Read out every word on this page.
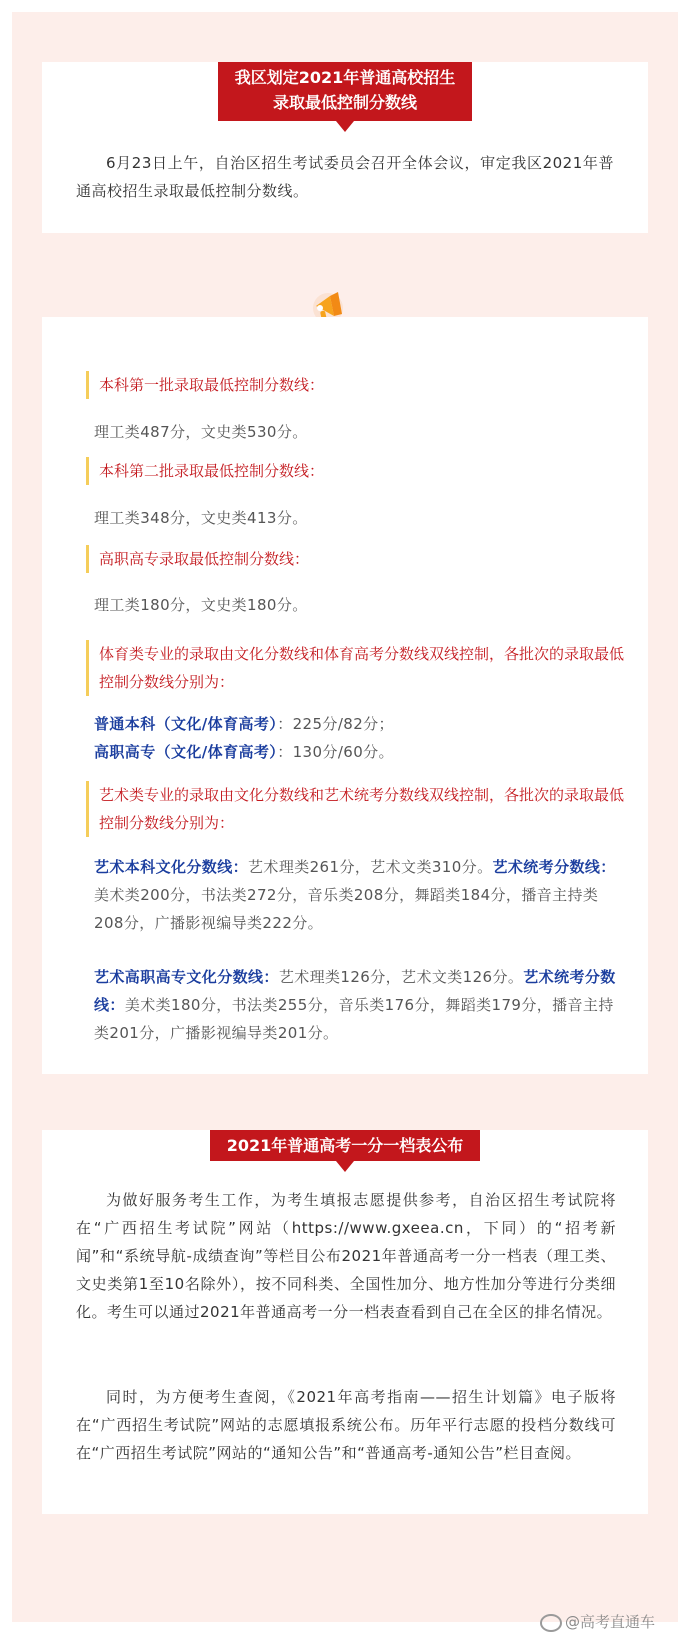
我区划定2021年普通高校招生
录取最低控制分数线
6月23日上午，自治区招生考试委员会召开全体会议，审定我区2021年普通高校招生录取最低控制分数线。
本科第一批录取最低控制分数线：
理工类487分，文史类530分。
本科第二批录取最低控制分数线：
理工类348分，文史类413分。
高职高专录取最低控制分数线：
理工类180分，文史类180分。
体育类专业的录取由文化分数线和体育高考分数线双线控制，各批次的录取最低控制分数线分别为：
普通本科（文化/体育高考）：225分/82分；
高职高专（文化/体育高考）：130分/60分。
艺术类专业的录取由文化分数线和艺术统考分数线双线控制，各批次的录取最低控制分数线分别为：
艺术本科文化分数线：艺术理类261分，艺术文类310分。艺术统考分数线：美术类200分，书法类272分，音乐类208分，舞蹈类184分，播音主持类208分，广播影视编导类222分。
艺术高职高专文化分数线：艺术理类126分，艺术文类126分。艺术统考分数线：美术类180分，书法类255分，音乐类176分，舞蹈类179分，播音主持类201分，广播影视编导类201分。
2021年普通高考一分一档表公布
为做好服务考生工作，为考生填报志愿提供参考，自治区招生考试院将在“广西招生考试院”网站（https://www.gxeea.cn，下同）的“招考新闻”和“系统导航-成绩查询”等栏目公布2021年普通高考一分一档表（理工类、文史类第1至10名除外），按不同科类、全国性加分、地方性加分等进行分类细化。考生可以通过2021年普通高考一分一档表查看到自己在全区的排名情况。
同时，为方便考生查阅，《2021年高考指南——招生计划篇》电子版将在“广西招生考试院”网站的志愿填报系统公布。历年平行志愿的投档分数线可在“广西招生考试院”网站的“通知公告”和“普通高考-通知公告”栏目查阅。
@高考直通车
